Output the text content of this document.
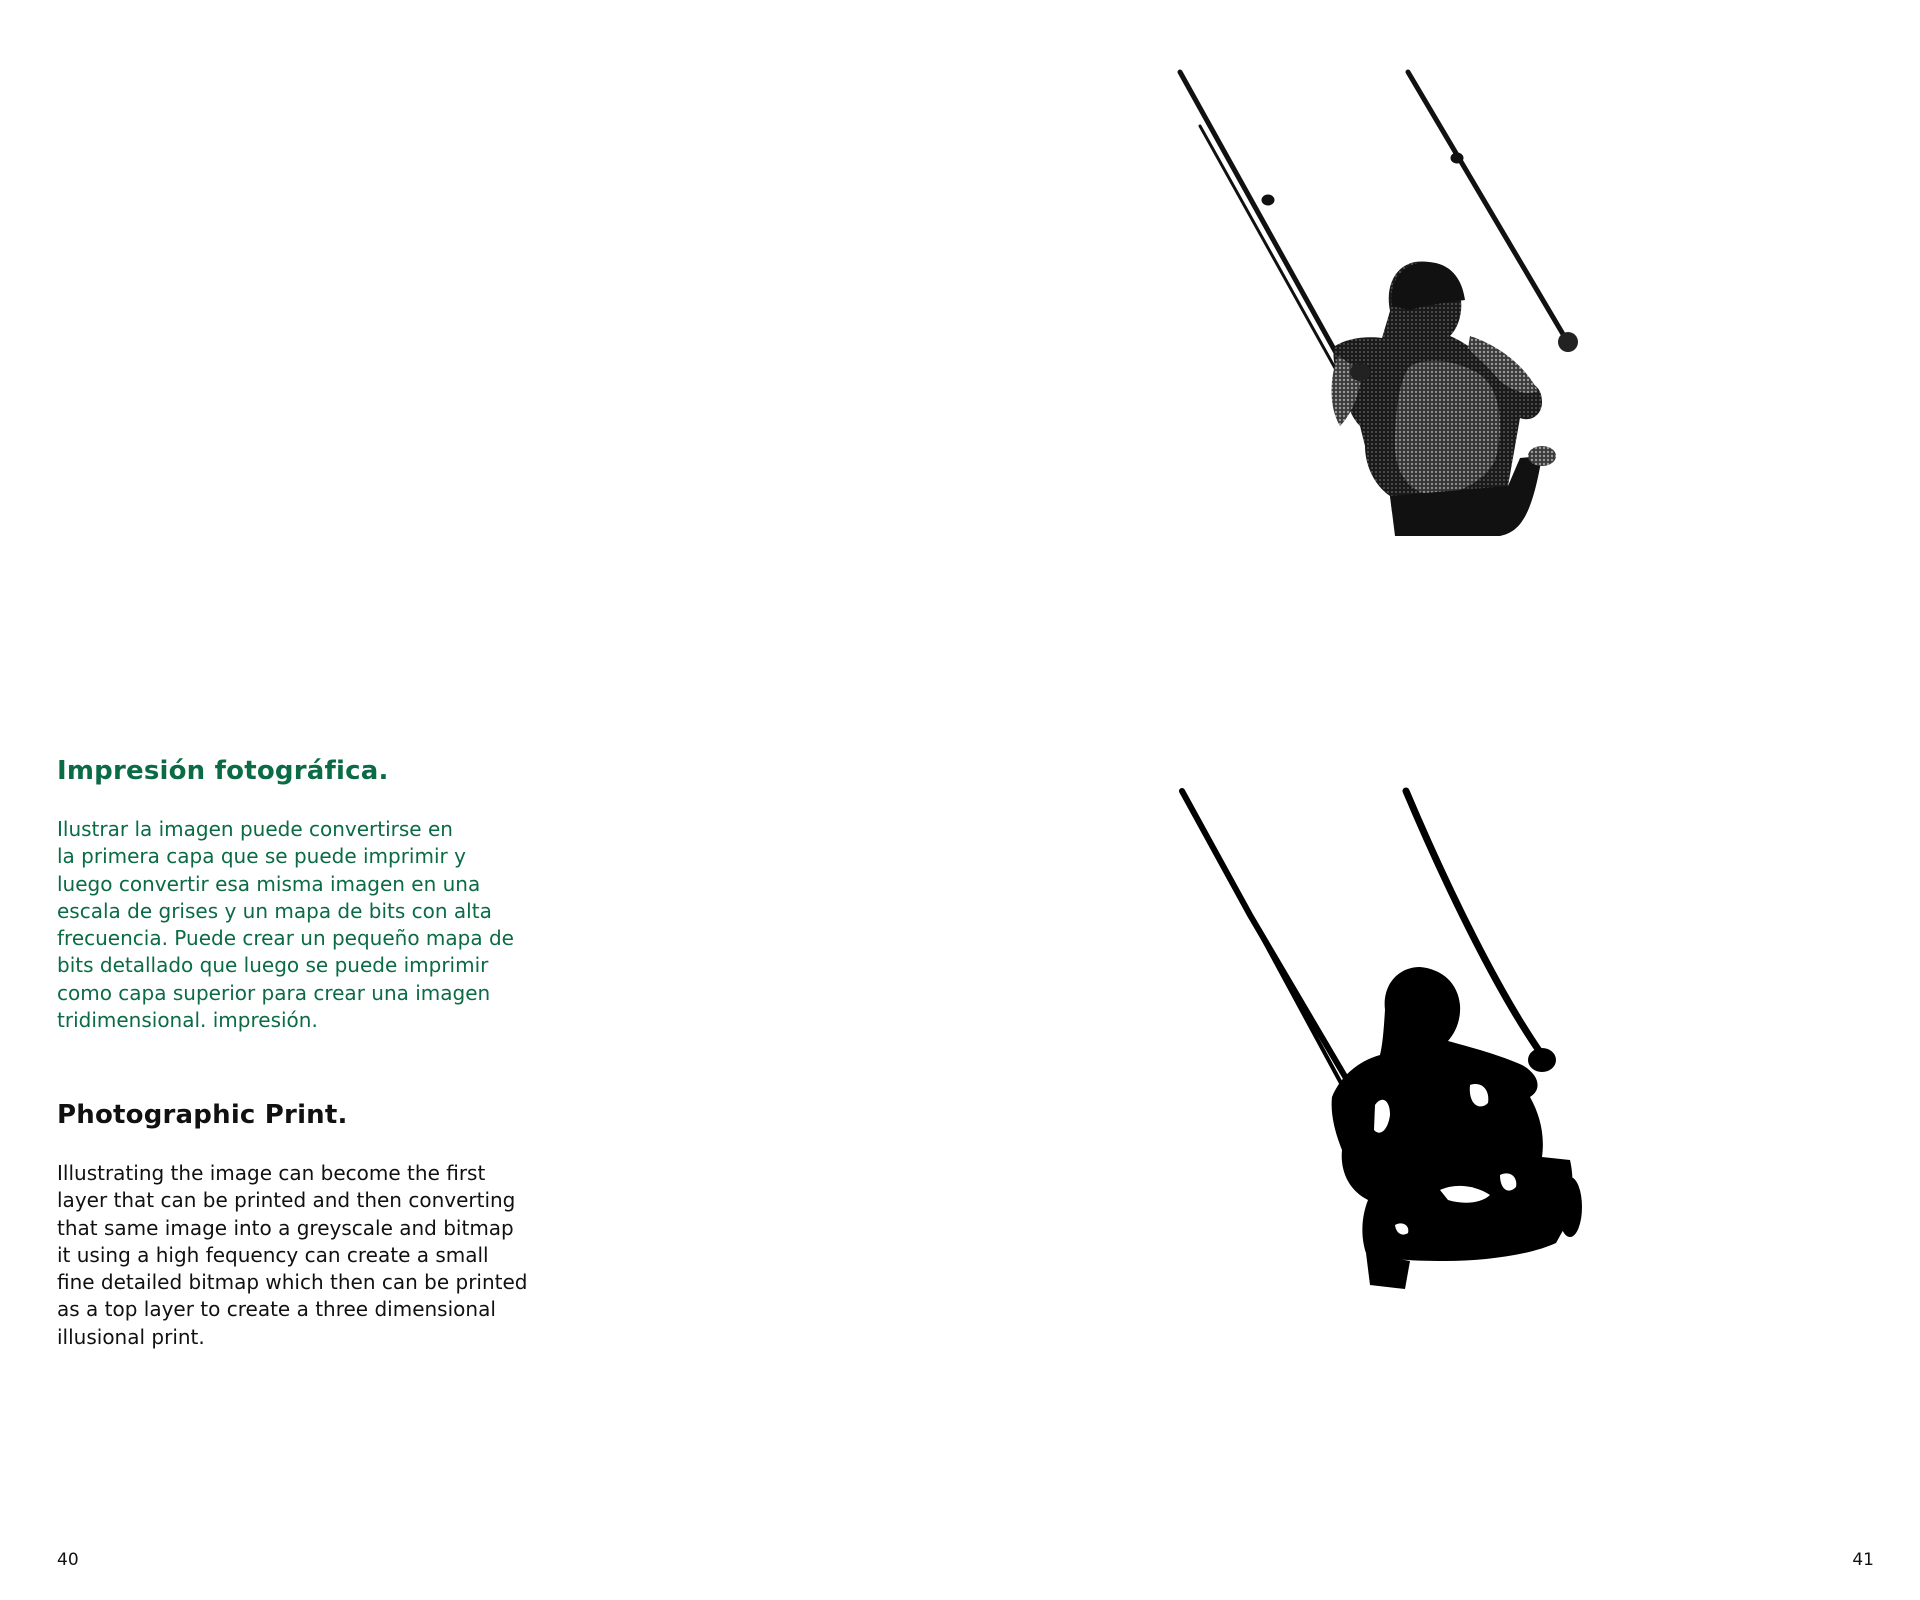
Impresión fotográfica.

Ilustrar la imagen puede convertirse en
la primera capa que se puede imprimir y
luego convertir esa misma imagen en una
escala de grises y un mapa de bits con alta
frecuencia. Puede crear un pequeño mapa de
bits detallado que luego se puede imprimir
como capa superior para crear una imagen
tridimensional. impresión.

Photographic Print.

Illustrating the image can become the first
layer that can be printed and then converting
that same image into a greyscale and bitmap
it using a high fequency can create a small
fine detailed bitmap which then can be printed
as a top layer to create a three dimensional
illusional print.

40	41
